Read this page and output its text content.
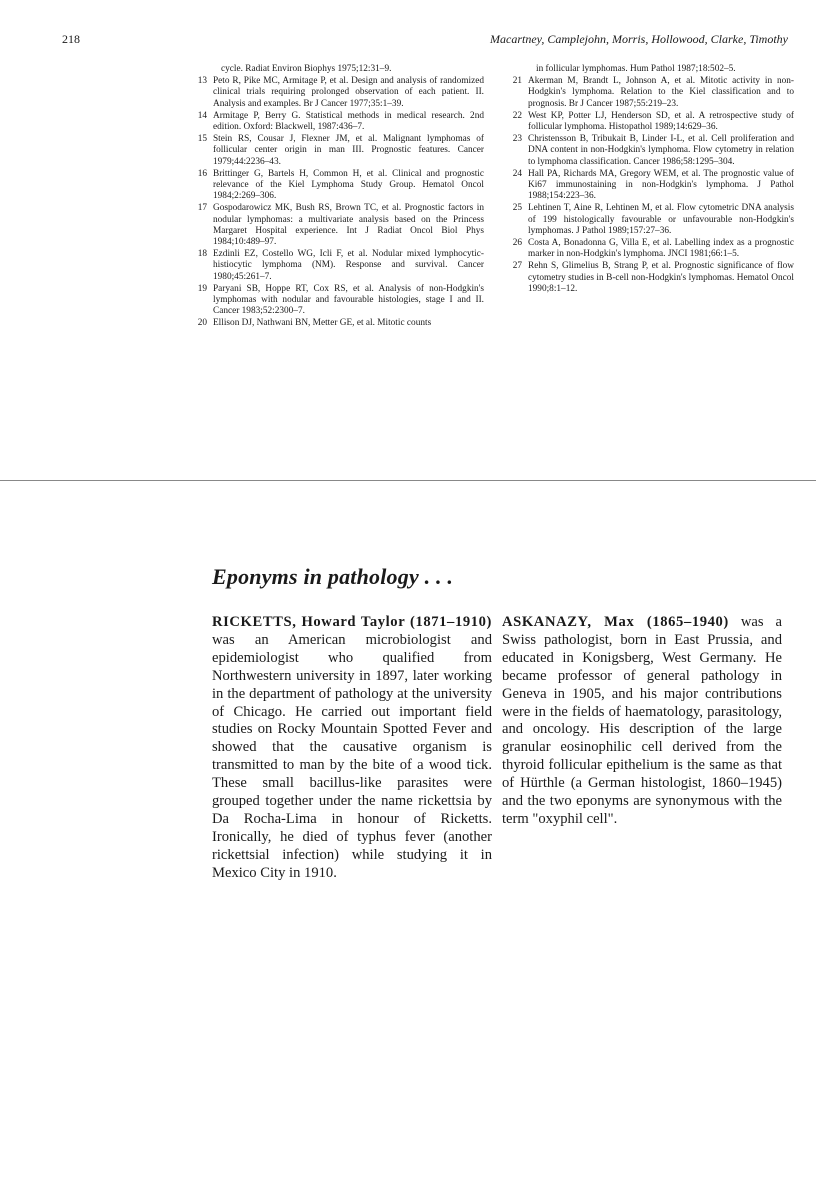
218	Macartney, Camplejohn, Morris, Hollowood, Clarke, Timothy
cycle. Radiat Environ Biophys 1975;12:31–9.
13 Peto R, Pike MC, Armitage P, et al. Design and analysis of randomized clinical trials requiring prolonged observation of each patient. II. Analysis and examples. Br J Cancer 1977;35:1–39.
14 Armitage P, Berry G. Statistical methods in medical research. 2nd edition. Oxford: Blackwell, 1987:436–7.
15 Stein RS, Cousar J, Flexner JM, et al. Malignant lymphomas of follicular center origin in man III. Prognostic features. Cancer 1979;44:2236–43.
16 Brittinger G, Bartels H, Common H, et al. Clinical and prognostic relevance of the Kiel Lymphoma Study Group. Hematol Oncol 1984;2:269–306.
17 Gospodarowicz MK, Bush RS, Brown TC, et al. Prognostic factors in nodular lymphomas: a multivariate analysis based on the Princess Margaret Hospital experience. Int J Radiat Oncol Biol Phys 1984;10:489–97.
18 Ezdinli EZ, Costello WG, Icli F, et al. Nodular mixed lymphocytic-histiocytic lymphoma (NM). Response and survival. Cancer 1980;45:261–7.
19 Paryani SB, Hoppe RT, Cox RS, et al. Analysis of non-Hodgkin's lymphomas with nodular and favourable histologies, stage I and II. Cancer 1983;52:2300–7.
20 Ellison DJ, Nathwani BN, Metter GE, et al. Mitotic counts
in follicular lymphomas. Hum Pathol 1987;18:502–5.
21 Akerman M, Brandt L, Johnson A, et al. Mitotic activity in non-Hodgkin's lymphoma. Relation to the Kiel classification and to prognosis. Br J Cancer 1987;55:219–23.
22 West KP, Potter LJ, Henderson SD, et al. A retrospective study of follicular lymphoma. Histopathol 1989;14:629–36.
23 Christensson B, Tribukait B, Linder I-L, et al. Cell proliferation and DNA content in non-Hodgkin's lymphoma. Flow cytometry in relation to lymphoma classification. Cancer 1986;58:1295–304.
24 Hall PA, Richards MA, Gregory WEM, et al. The prognostic value of Ki67 immunostaining in non-Hodgkin's lymphoma. J Pathol 1988;154:223–36.
25 Lehtinen T, Aine R, Lehtinen M, et al. Flow cytometric DNA analysis of 199 histologically favourable or unfavourable non-Hodgkin's lymphomas. J Pathol 1989;157:27–36.
26 Costa A, Bonadonna G, Villa E, et al. Labelling index as a prognostic marker in non-Hodgkin's lymphoma. JNCI 1981;66:1–5.
27 Rehn S, Glimelius B, Strang P, et al. Prognostic significance of flow cytometry studies in B-cell non-Hodgkin's lymphomas. Hematol Oncol 1990;8:1–12.
Eponyms in pathology . . .

RICKETTS, Howard Taylor (1871–1910) was an American microbiologist and epidemiologist who qualified from Northwestern university in 1897, later working in the department of pathology at the university of Chicago. He carried out important field studies on Rocky Mountain Spotted Fever and showed that the causative organism is transmitted to man by the bite of a wood tick. These small bacillus-like parasites were grouped together under the name rickettsia by Da Rocha-Lima in honour of Ricketts. Ironically, he died of typhus fever (another rickettsial infection) while studying it in Mexico City in 1910.

ASKANAZY, Max (1865–1940) was a Swiss pathologist, born in East Prussia, and educated in Konigsberg, West Germany. He became professor of general pathology in Geneva in 1905, and his major contributions were in the fields of haematology, parasitology, and oncology. His description of the large granular eosinophilic cell derived from the thyroid follicular epithelium is the same as that of Hürthle (a German histologist, 1860–1945) and the two eponyms are synonymous with the term "oxyphil cell".
